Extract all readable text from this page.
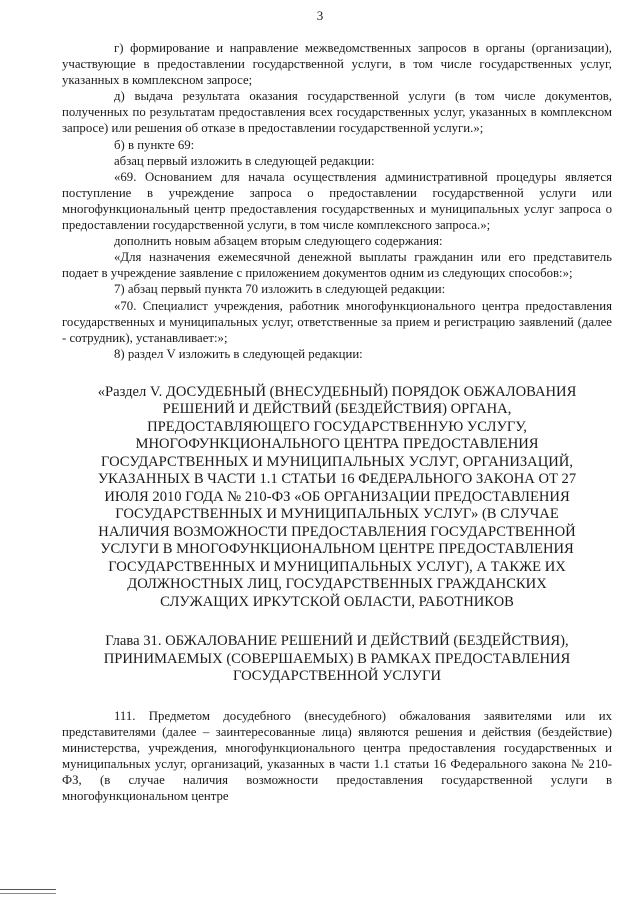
3

г) формирование и направление межведомственных запросов в органы (организации), участвующие в предоставлении государственной услуги, в том числе государственных услуг, указанных в комплексном запросе;

д) выдача результата оказания государственной услуги (в том числе документов, полученных по результатам предоставления всех государственных услуг, указанных в комплексном запросе) или решения об отказе в предоставлении государственной услуги.»;

б) в пункте 69:

абзац первый изложить в следующей редакции:

«69. Основанием для начала осуществления административной процедуры является поступление в учреждение запроса о предоставлении государственной услуги или многофункциональный центр предоставления государственных и муниципальных услуг запроса о предоставлении государственной услуги, в том числе комплексного запроса.»;

дополнить новым абзацем вторым следующего содержания:

«Для назначения ежемесячной денежной выплаты гражданин или его представитель подает в учреждение заявление с приложением документов одним из следующих способов:»;

7) абзац первый пункта 70 изложить в следующей редакции:

«70. Специалист учреждения, работник многофункционального центра предоставления государственных и муниципальных услуг, ответственные за прием и регистрацию заявлений (далее - сотрудник), устанавливает:»;

8) раздел V изложить в следующей редакции:

«Раздел V. ДОСУДЕБНЫЙ (ВНЕСУДЕБНЫЙ) ПОРЯДОК ОБЖАЛОВАНИЯ РЕШЕНИЙ И ДЕЙСТВИЙ (БЕЗДЕЙСТВИЯ) ОРГАНА, ПРЕДОСТАВЛЯЮЩЕГО ГОСУДАРСТВЕННУЮ УСЛУГУ, МНОГОФУНКЦИОНАЛЬНОГО ЦЕНТРА ПРЕДОСТАВЛЕНИЯ ГОСУДАРСТВЕННЫХ И МУНИЦИПАЛЬНЫХ УСЛУГ, ОРГАНИЗАЦИЙ, УКАЗАННЫХ В ЧАСТИ 1.1 СТАТЬИ 16 ФЕДЕРАЛЬНОГО ЗАКОНА ОТ 27 ИЮЛЯ 2010 ГОДА № 210-ФЗ «ОБ ОРГАНИЗАЦИИ ПРЕДОСТАВЛЕНИЯ ГОСУДАРСТВЕННЫХ И МУНИЦИПАЛЬНЫХ УСЛУГ» (В СЛУЧАЕ НАЛИЧИЯ ВОЗМОЖНОСТИ ПРЕДОСТАВЛЕНИЯ ГОСУДАРСТВЕННОЙ УСЛУГИ В МНОГОФУНКЦИОНАЛЬНОМ ЦЕНТРЕ ПРЕДОСТАВЛЕНИЯ ГОСУДАРСТВЕННЫХ И МУНИЦИПАЛЬНЫХ УСЛУГ), А ТАКЖЕ ИХ ДОЛЖНОСТНЫХ ЛИЦ, ГОСУДАРСТВЕННЫХ ГРАЖДАНСКИХ СЛУЖАЩИХ ИРКУТСКОЙ ОБЛАСТИ, РАБОТНИКОВ

Глава 31. ОБЖАЛОВАНИЕ РЕШЕНИЙ И ДЕЙСТВИЙ (БЕЗДЕЙСТВИЯ), ПРИНИМАЕМЫХ (СОВЕРШАЕМЫХ) В РАМКАХ ПРЕДОСТАВЛЕНИЯ ГОСУДАРСТВЕННОЙ УСЛУГИ

111. Предметом досудебного (внесудебного) обжалования заявителями или их представителями (далее – заинтересованные лица) являются решения и действия (бездействие) министерства, учреждения, многофункционального центра предоставления государственных и муниципальных услуг, организаций, указанных в части 1.1 статьи 16 Федерального закона № 210-ФЗ, (в случае наличия возможности предоставления государственной услуги в многофункциональном центре
